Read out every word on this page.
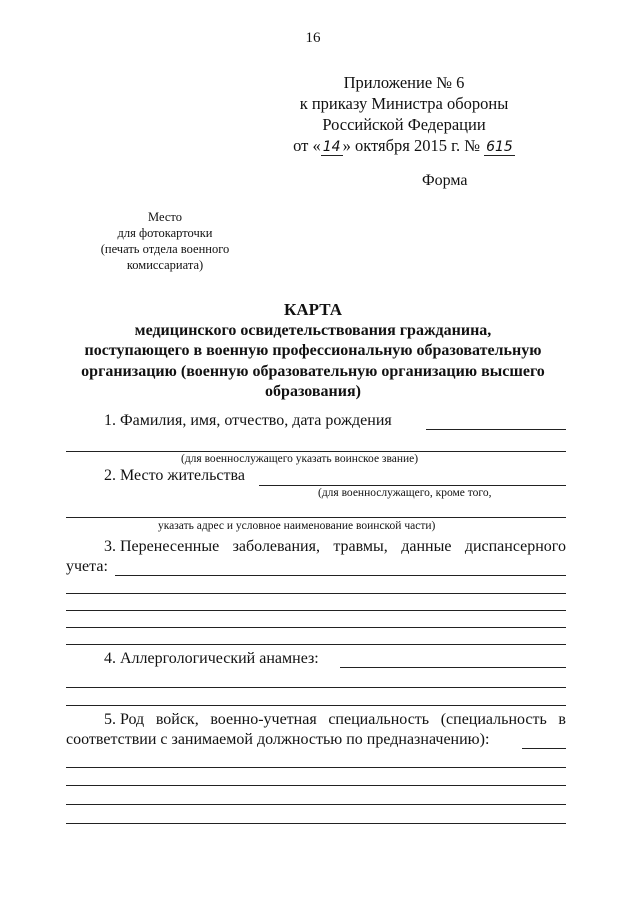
16
Приложение № 6
к приказу Министра обороны
Российской Федерации
от « 14 » октября 2015 г. № 615
Форма
Место
для фотокарточки
(печать отдела военного
комиссариата)
КАРТА
медицинского освидетельствования гражданина,
поступающего в военную профессиональную образовательную
организацию (военную образовательную организацию высшего
образования)
1. Фамилия, имя, отчество, дата рождения
(для военнослужащего указать воинское звание)
2. Место жительства
(для военнослужащего, кроме того,
указать адрес и условное наименование воинской части)
3. Перенесенные заболевания, травмы, данные диспансерного
учета:
4. Аллергологический анамнез:
5. Род войск, военно-учетная специальность (специальность в
соответствии с занимаемой должностью по предназначению):
